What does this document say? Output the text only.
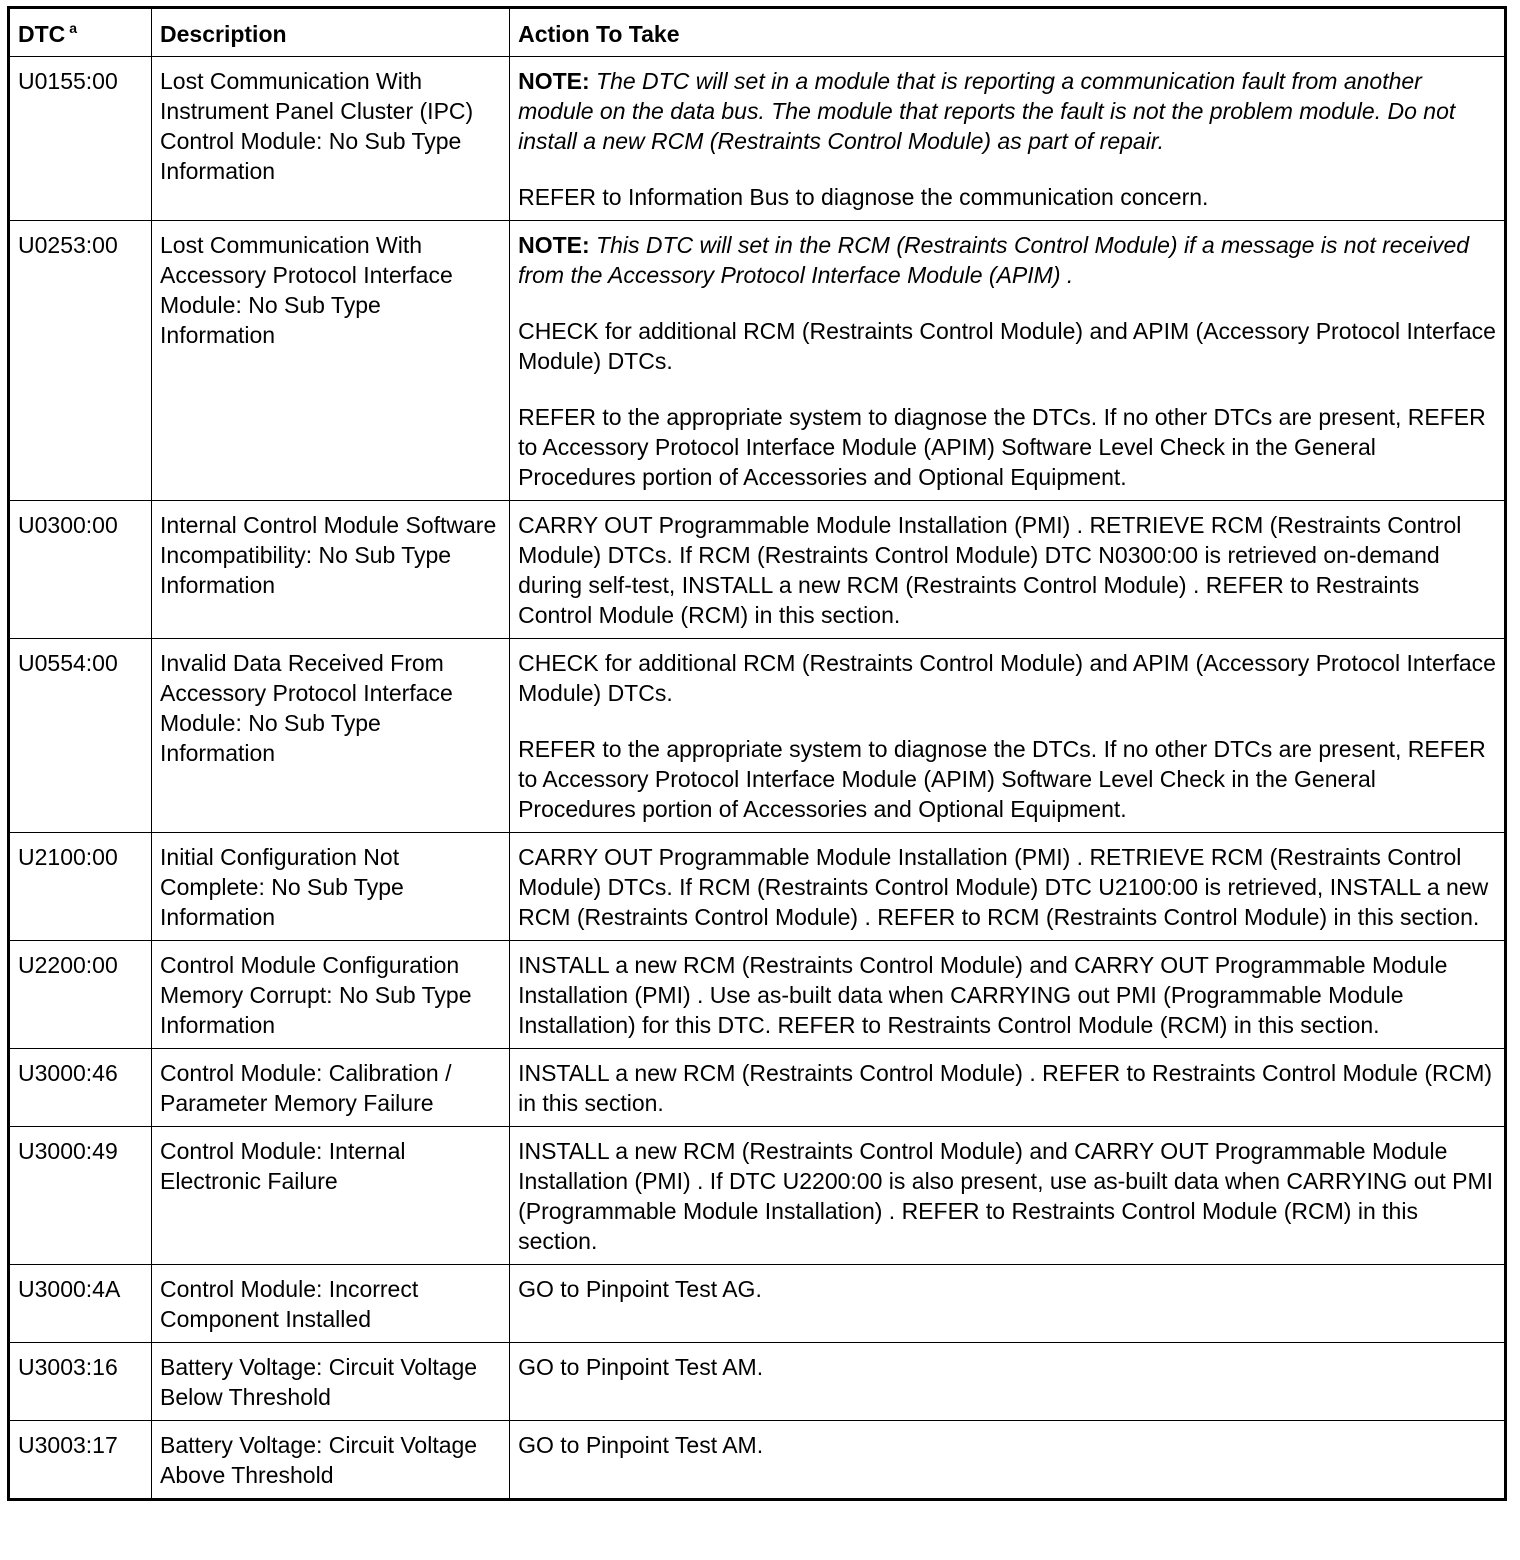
DTC $^a$	Description	Action To Take
U0155:00	Lost Communication With Instrument Panel Cluster (IPC) Control Module: No Sub Type Information	NOTE: The DTC will set in a module that is reporting a communication fault from another module on the data bus. The module that reports the fault is not the problem module. Do not install a new RCM (Restraints Control Module) as part of repair.

REFER to Information Bus to diagnose the communication concern.

U0253:00	Lost Communication With Accessory Protocol Interface Module: No Sub Type Information	NOTE: This DTC will set in the RCM (Restraints Control Module) if a message is not received from the Accessory Protocol Interface Module (APIM) .

CHECK for additional RCM (Restraints Control Module) and APIM (Accessory Protocol Interface Module) DTCs.

REFER to the appropriate system to diagnose the DTCs. If no other DTCs are present, REFER to Accessory Protocol Interface Module (APIM) Software Level Check in the General Procedures portion of Accessories and Optional Equipment.

U0300:00	Internal Control Module Software Incompatibility: No Sub Type Information	CARRY OUT Programmable Module Installation (PMI) . RETRIEVE RCM (Restraints Control Module) DTCs. If RCM (Restraints Control Module) DTC N0300:00 is retrieved on-demand during self-test, INSTALL a new RCM (Restraints Control Module) . REFER to Restraints Control Module (RCM) in this section.

U0554:00	Invalid Data Received From Accessory Protocol Interface Module: No Sub Type Information	CHECK for additional RCM (Restraints Control Module) and APIM (Accessory Protocol Interface Module) DTCs.

REFER to the appropriate system to diagnose the DTCs. If no other DTCs are present, REFER to Accessory Protocol Interface Module (APIM) Software Level Check in the General Procedures portion of Accessories and Optional Equipment.

U2100:00	Initial Configuration Not Complete: No Sub Type Information	CARRY OUT Programmable Module Installation (PMI) . RETRIEVE RCM (Restraints Control Module) DTCs. If RCM (Restraints Control Module) DTC U2100:00 is retrieved, INSTALL a new RCM (Restraints Control Module) . REFER to RCM (Restraints Control Module) in this section.

U2200:00	Control Module Configuration Memory Corrupt: No Sub Type Information	INSTALL a new RCM (Restraints Control Module) and CARRY OUT Programmable Module Installation (PMI) . Use as-built data when CARRYING out PMI (Programmable Module Installation) for this DTC. REFER to Restraints Control Module (RCM) in this section.

U3000:46	Control Module: Calibration / Parameter Memory Failure	INSTALL a new RCM (Restraints Control Module) . REFER to Restraints Control Module (RCM) in this section.

U3000:49	Control Module: Internal Electronic Failure	INSTALL a new RCM (Restraints Control Module) and CARRY OUT Programmable Module Installation (PMI) . If DTC U2200:00 is also present, use as-built data when CARRYING out PMI (Programmable Module Installation) . REFER to Restraints Control Module (RCM) in this section.

U3000:4A	Control Module: Incorrect Component Installed	GO to Pinpoint Test AG.

U3003:16	Battery Voltage: Circuit Voltage Below Threshold	GO to Pinpoint Test AM.

U3003:17	Battery Voltage: Circuit Voltage Above Threshold	GO to Pinpoint Test AM.
